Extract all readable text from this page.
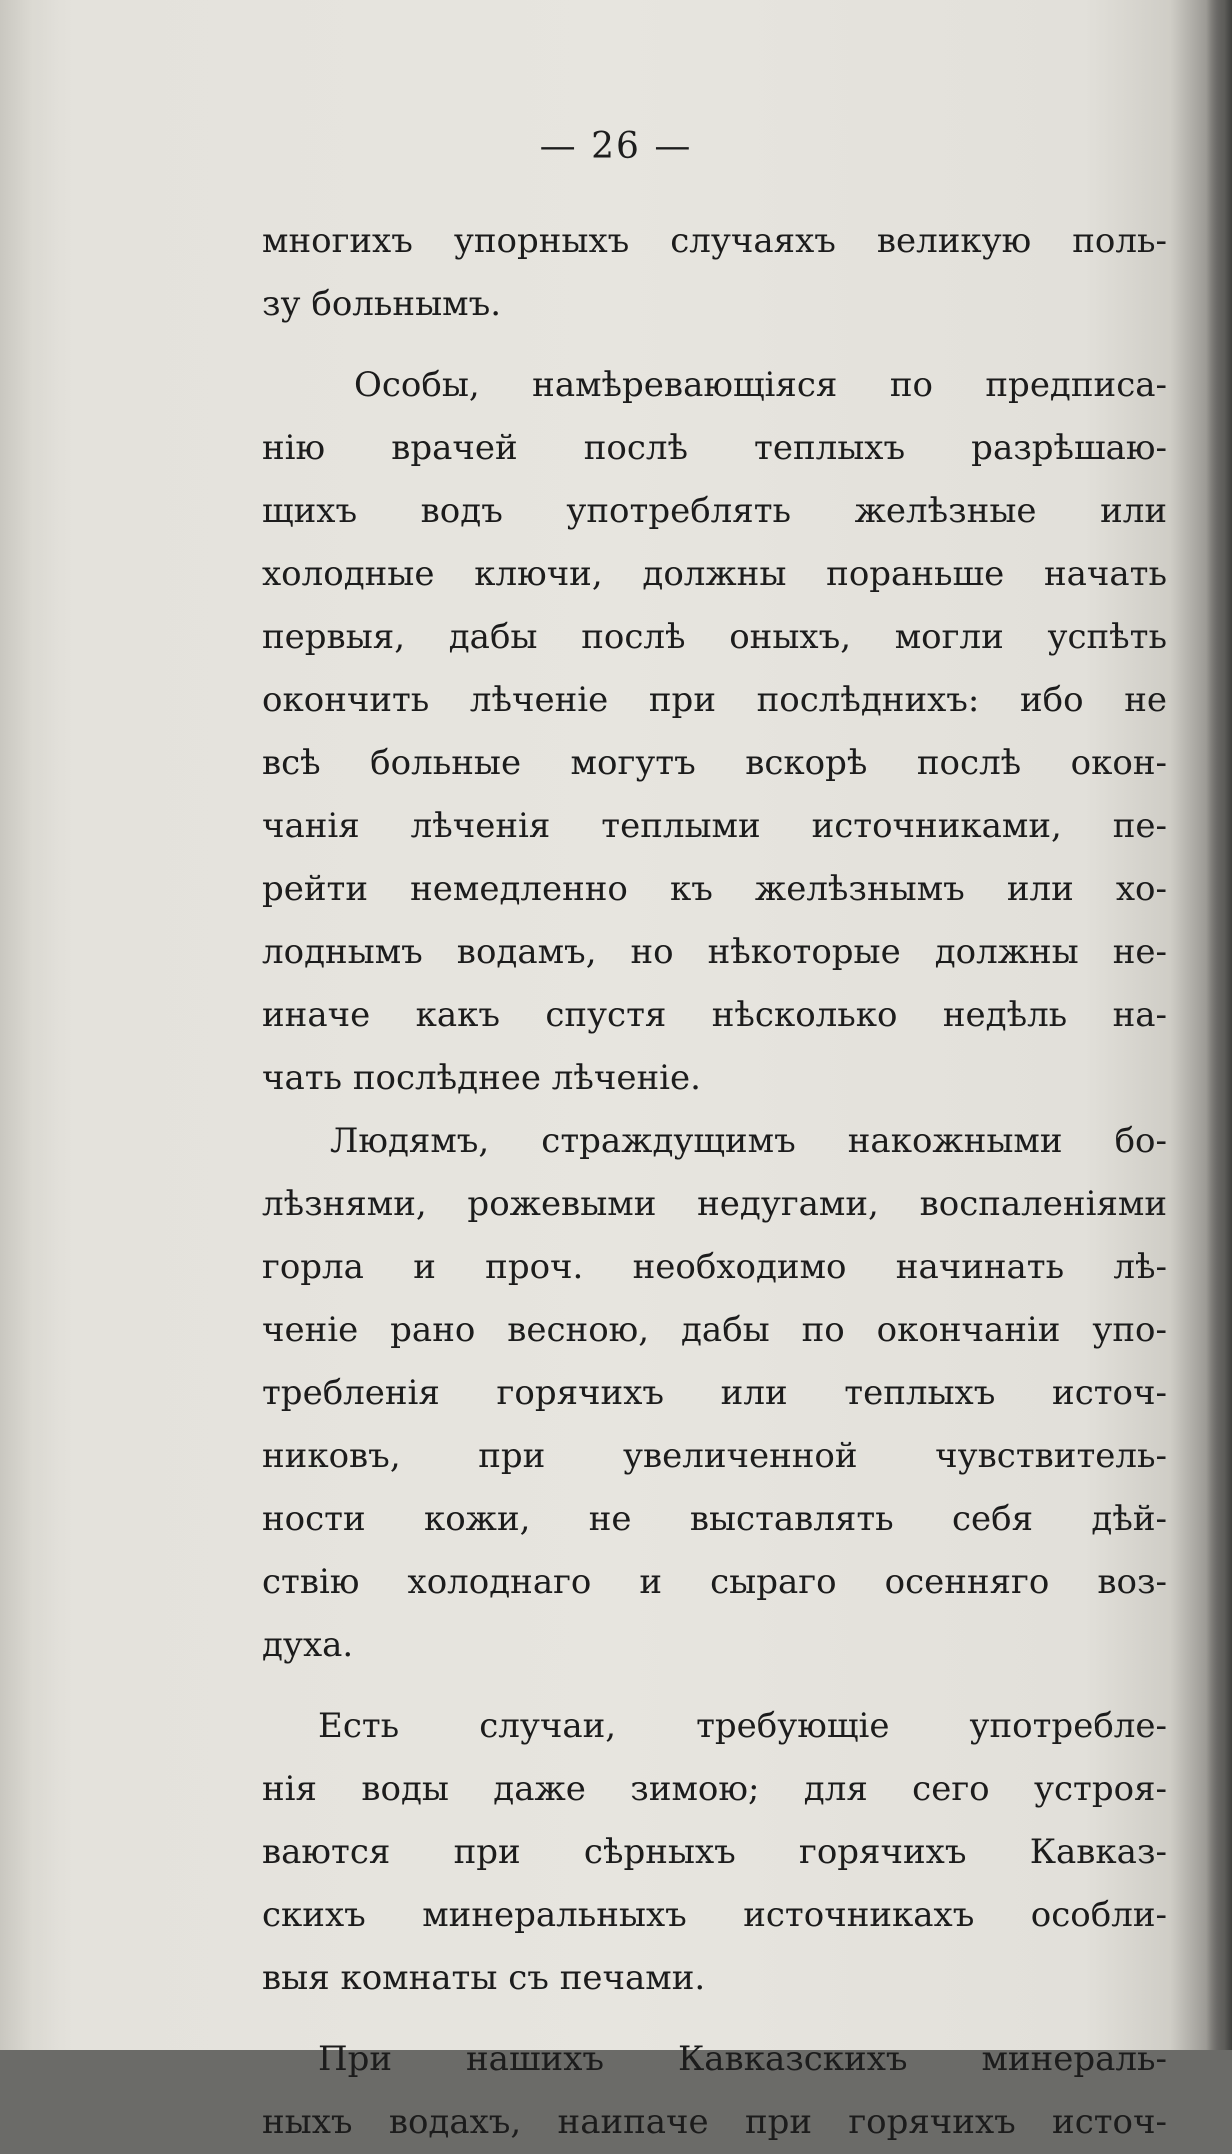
— 26 —
многихъ упорныхъ случаяхъ великую поль-
зу больнымъ.
Особы, намѣревающіяся по предписа-
нію врачей послѣ теплыхъ разрѣшаю-
щихъ водъ употреблять желѣзные или
холодные ключи, должны пораньше начать
первыя, дабы послѣ оныхъ, могли успѣть
окончить лѣченіе при послѣднихъ: ибо не
всѣ больные могутъ вскорѣ послѣ окон-
чанія лѣченія теплыми источниками, пе-
рейти немедленно къ желѣзнымъ или хо-
лоднымъ водамъ, но нѣкоторые должны не-
иначе какъ спустя нѣсколько недѣль на-
чать послѣднее лѣченіе.
Людямъ, страждущимъ накожными бо-
лѣзнями, рожевыми недугами, воспаленіями
горла и проч. необходимо начинать лѣ-
ченіе рано весною, дабы по окончаніи упо-
требленія горячихъ или теплыхъ источ-
никовъ, при увеличенной чувствитель-
ности кожи, не выставлять себя дѣй-
ствію холоднаго и сыраго осенняго воз-
духа.
Есть случаи, требующіе употребле-
нія воды даже зимою; для сего устроя-
ваются при сѣрныхъ горячихъ Кавказ-
скихъ минеральныхъ источникахъ особли-
выя комнаты съ печами.
При нашихъ Кавказскихъ минераль-
ныхъ водахъ, наипаче при горячихъ источ-
